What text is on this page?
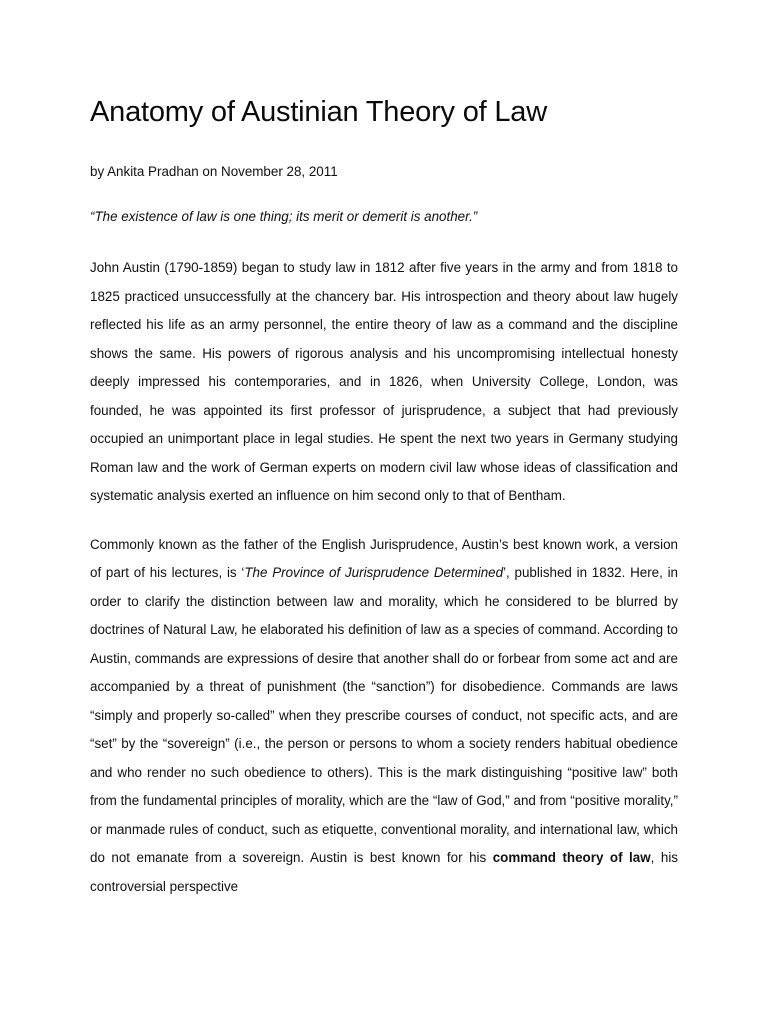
Anatomy of Austinian Theory of Law

by Ankita Pradhan on November 28, 2011

“The existence of law is one thing; its merit or demerit is another.”

John Austin (1790-1859) began to study law in 1812 after five years in the army and from 1818 to 1825 practiced unsuccessfully at the chancery bar. His introspection and theory about law hugely reflected his life as an army personnel, the entire theory of law as a command and the discipline shows the same. His powers of rigorous analysis and his uncompromising intellectual honesty deeply impressed his contemporaries, and in 1826, when University College, London, was founded, he was appointed its first professor of jurisprudence, a subject that had previously occupied an unimportant place in legal studies. He spent the next two years in Germany studying Roman law and the work of German experts on modern civil law whose ideas of classification and systematic analysis exerted an influence on him second only to that of Bentham.

Commonly known as the father of the English Jurisprudence, Austin’s best known work, a version of part of his lectures, is ‘The Province of Jurisprudence Determined’, published in 1832. Here, in order to clarify the distinction between law and morality, which he considered to be blurred by doctrines of Natural Law, he elaborated his definition of law as a species of command. According to Austin, commands are expressions of desire that another shall do or forbear from some act and are accompanied by a threat of punishment (the “sanction”) for disobedience. Commands are laws “simply and properly so-called” when they prescribe courses of conduct, not specific acts, and are “set” by the “sovereign” (i.e., the person or persons to whom a society renders habitual obedience and who render no such obedience to others). This is the mark distinguishing “positive law” both from the fundamental principles of morality, which are the “law of God,” and from “positive morality,” or manmade rules of conduct, such as etiquette, conventional morality, and international law, which do not emanate from a sovereign. Austin is best known for his command theory of law, his controversial perspective
